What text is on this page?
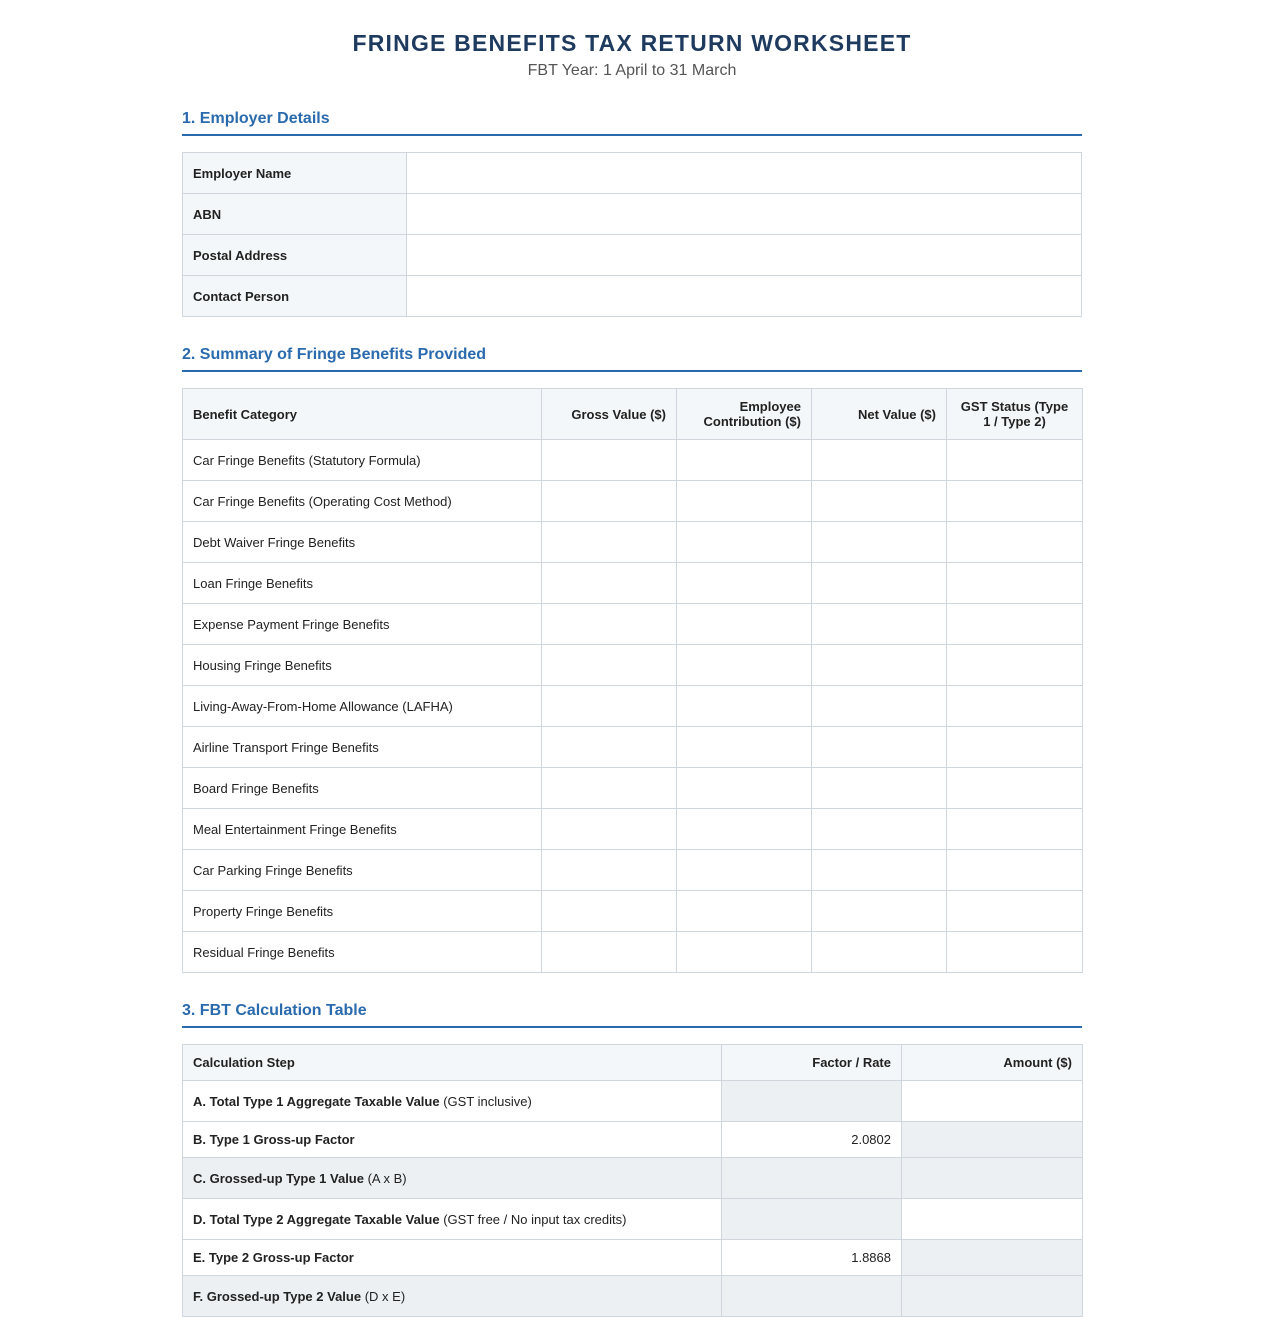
FRINGE BENEFITS TAX RETURN WORKSHEET
FBT Year: 1 April to 31 March
1. Employer Details
Employer Name	
ABN	
Postal Address	
Contact Person	
2. Summary of Fringe Benefits Provided
Benefit Category	Gross Value ($)	Employee Contribution ($)	Net Value ($)	GST Status (Type 1 / Type 2)
Car Fringe Benefits (Statutory Formula)				
Car Fringe Benefits (Operating Cost Method)				
Debt Waiver Fringe Benefits				
Loan Fringe Benefits				
Expense Payment Fringe Benefits				
Housing Fringe Benefits				
Living-Away-From-Home Allowance (LAFHA)				
Airline Transport Fringe Benefits				
Board Fringe Benefits				
Meal Entertainment Fringe Benefits				
Car Parking Fringe Benefits				
Property Fringe Benefits				
Residual Fringe Benefits				
3. FBT Calculation Table
Calculation Step	Factor / Rate	Amount ($)
A. Total Type 1 Aggregate Taxable Value (GST inclusive)		
B. Type 1 Gross-up Factor	2.0802	
C. Grossed-up Type 1 Value (A x B)		
D. Total Type 2 Aggregate Taxable Value (GST free / No input tax credits)		
E. Type 2 Gross-up Factor	1.8868	
F. Grossed-up Type 2 Value (D x E)		
